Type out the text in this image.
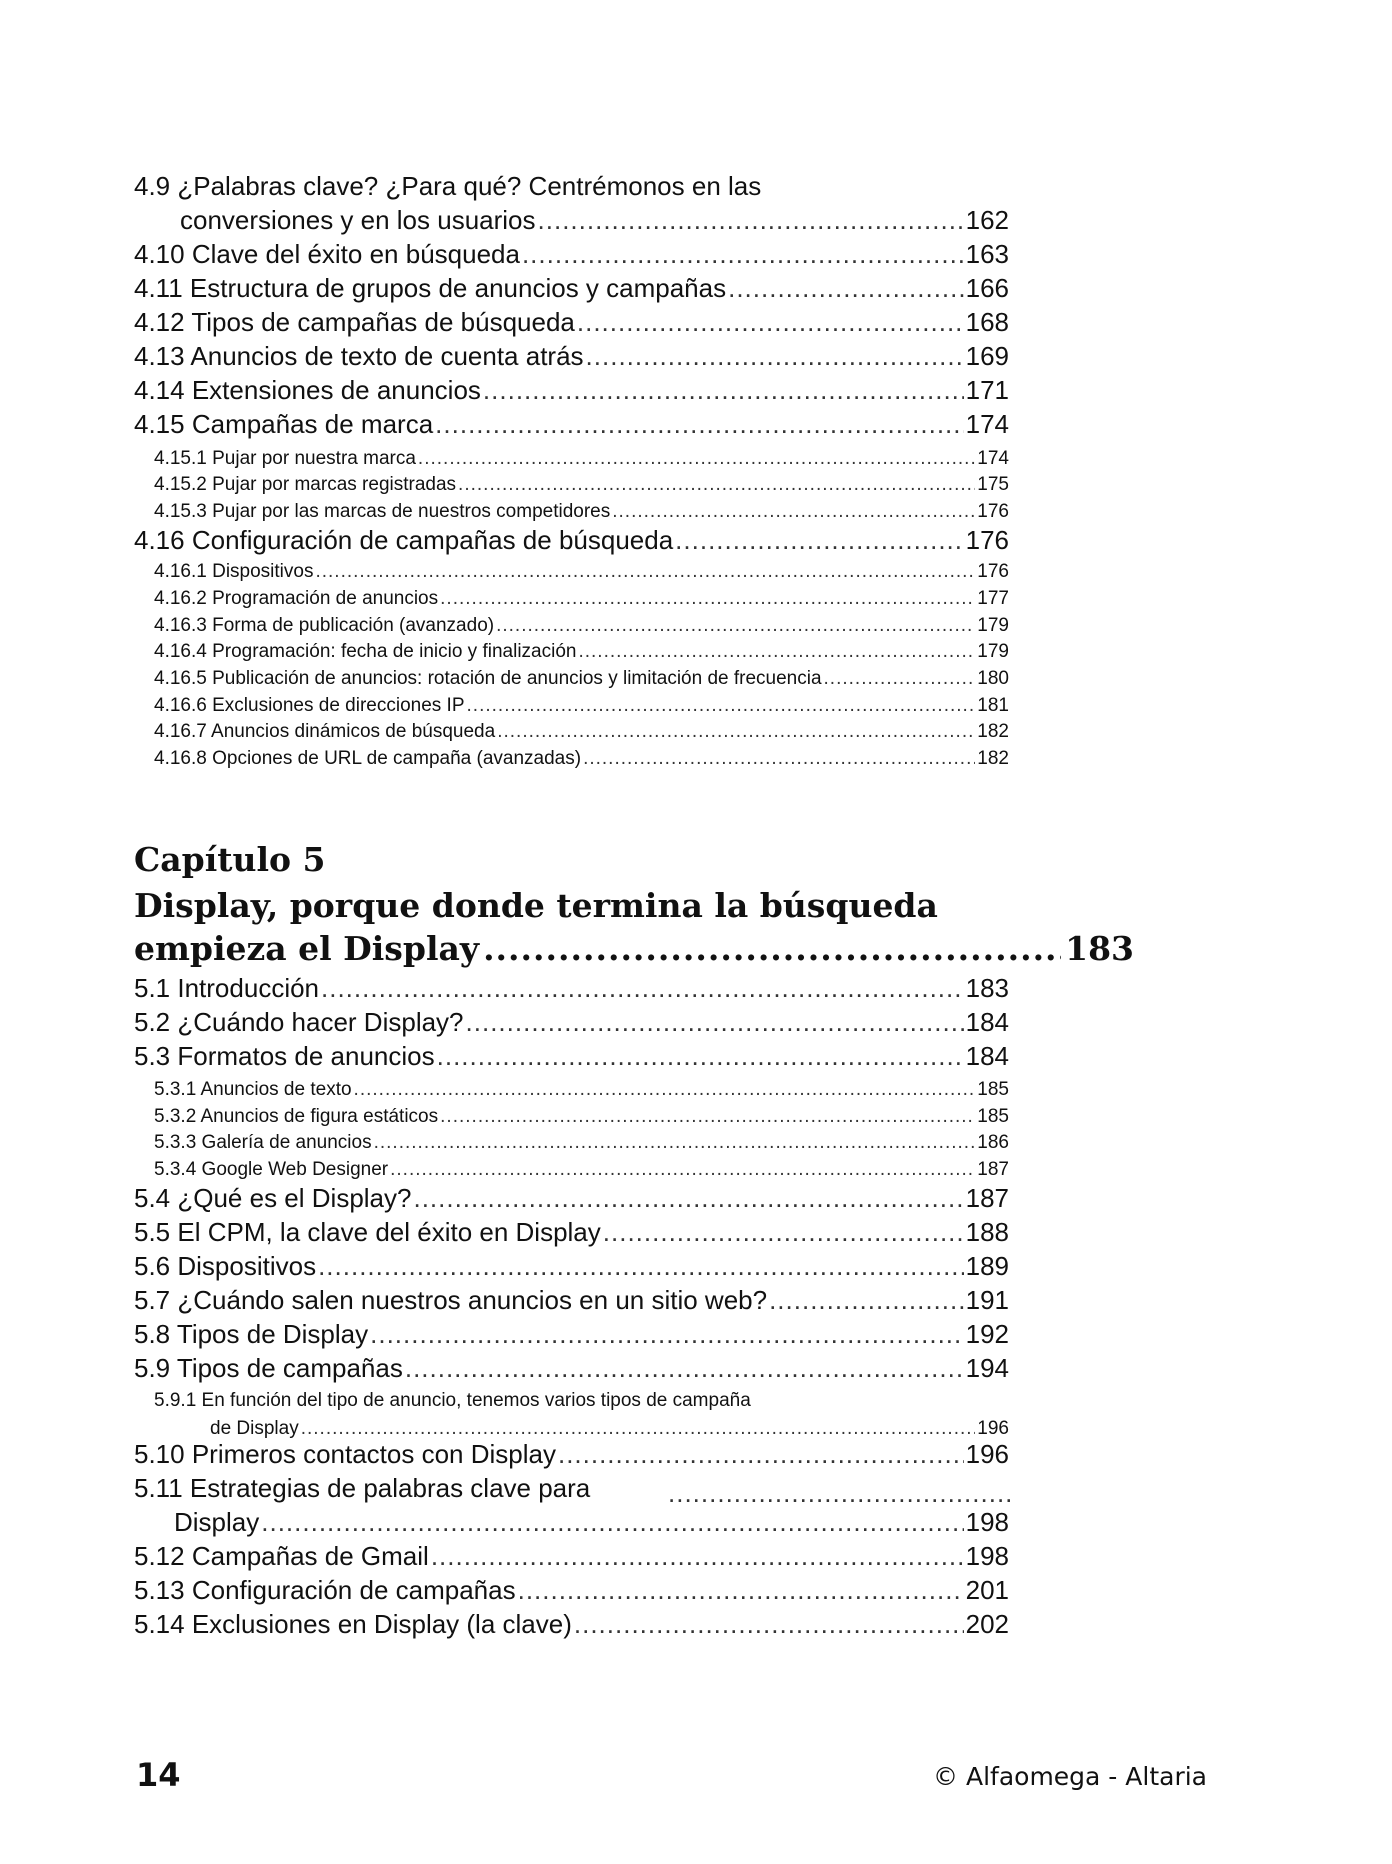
4.9 ¿Palabras clave? ¿Para qué? Centrémonos en las
conversiones y en los usuarios .....	162
4.10 Clave del éxito en búsqueda .....	163
4.11 Estructura de grupos de anuncios y campañas .....	166
4.12 Tipos de campañas de búsqueda .....	168
4.13 Anuncios de texto de cuenta atrás .....	169
4.14 Extensiones de anuncios .....	171
4.15 Campañas de marca .....	174
4.15.1 Pujar por nuestra marca .....	174
4.15.2 Pujar por marcas registradas .....	175
4.15.3 Pujar por las marcas de nuestros competidores .....	176
4.16 Configuración de campañas de búsqueda .....	176
4.16.1 Dispositivos .....	176
4.16.2 Programación de anuncios .....	177
4.16.3 Forma de publicación (avanzado) .....	179
4.16.4 Programación: fecha de inicio y finalización .....	179
4.16.5 Publicación de anuncios: rotación de anuncios y limitación de frecuencia .....	180
4.16.6 Exclusiones de direcciones IP .....	181
4.16.7 Anuncios dinámicos de búsqueda .....	182
4.16.8 Opciones de URL de campaña (avanzadas) .....	182
Capítulo 5
Display, porque donde termina la búsqueda
empieza el Display .....	183
5.1 Introducción .....	183
5.2 ¿Cuándo hacer Display? .....	184
5.3 Formatos de anuncios .....	184
5.3.1 Anuncios de texto .....	185
5.3.2 Anuncios de figura estáticos .....	185
5.3.3 Galería de anuncios .....	186
5.3.4 Google Web Designer .....	187
5.4 ¿Qué es el Display? .....	187
5.5 El CPM, la clave del éxito en Display .....	188
5.6 Dispositivos .....	189
5.7 ¿Cuándo salen nuestros anuncios en un sitio web? .....	191
5.8 Tipos de Display .....	192
5.9 Tipos de campañas .....	194
5.9.1 En función del tipo de anuncio, tenemos varios tipos de campaña
de Display .....	196
5.10 Primeros contactos con Display .....	196
5.11 Estrategias de palabras clave para
Display .....	198
5.12 Campañas de Gmail .....	198
5.13 Configuración de campañas .....	201
5.14 Exclusiones en Display (la clave) .....	202
..........................................
14	© Alfaomega - Altaria
